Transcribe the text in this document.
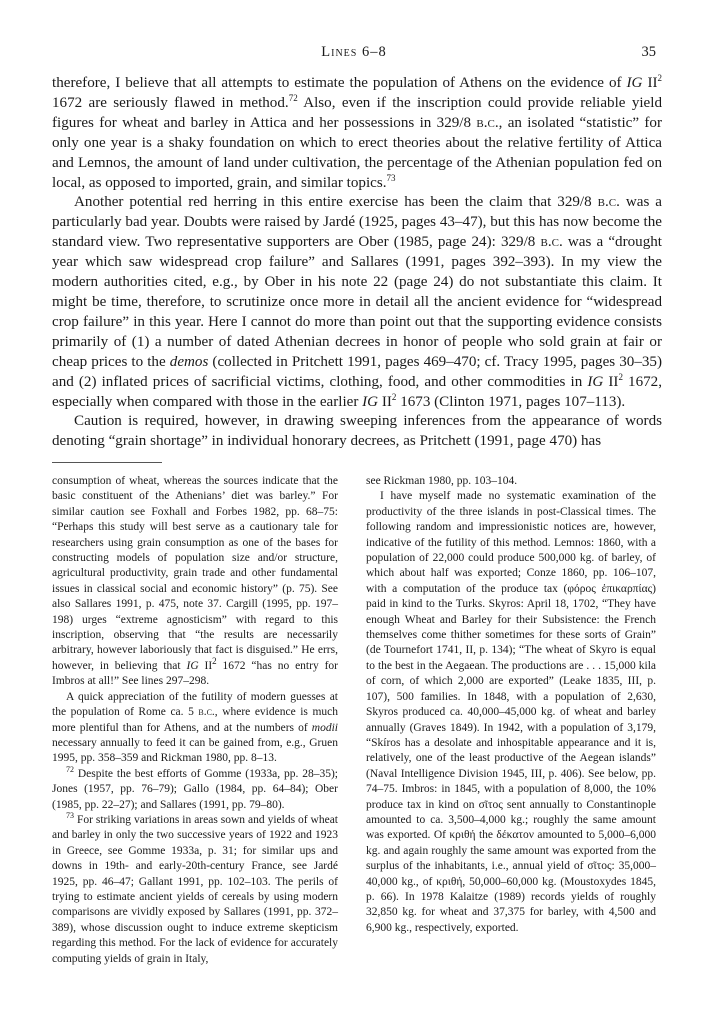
Lines 6–8	35

therefore, I believe that all attempts to estimate the population of Athens on the evidence of IG $II^2$ 1672 are seriously flawed in method.$^{72}$ Also, even if the inscription could provide reliable yield figures for wheat and barley in Attica and her possessions in 329/8 b.c., an isolated “statistic” for only one year is a shaky foundation on which to erect theories about the relative fertility of Attica and Lemnos, the amount of land under cultivation, the percentage of the Athenian population fed on local, as opposed to imported, grain, and similar topics.$^{73}$

Another potential red herring in this entire exercise has been the claim that 329/8 b.c. was a particularly bad year. Doubts were raised by Jardé (1925, pages 43–47), but this has now become the standard view. Two representative supporters are Ober (1985, page 24): 329/8 b.c. was a “drought year which saw widespread crop failure” and Sallares (1991, pages 392–393). In my view the modern authorities cited, e.g., by Ober in his note 22 (page 24) do not substantiate this claim. It might be time, therefore, to scrutinize once more in detail all the ancient evidence for “widespread crop failure” in this year. Here I cannot do more than point out that the supporting evidence consists primarily of (1) a number of dated Athenian decrees in honor of people who sold grain at fair or cheap prices to the demos (collected in Pritchett 1991, pages 469–470; cf. Tracy 1995, pages 30–35) and (2) inflated prices of sacrificial victims, clothing, food, and other commodities in IG $II^2$ 1672, especially when compared with those in the earlier IG $II^2$ 1673 (Clinton 1971, pages 107–113).

Caution is required, however, in drawing sweeping inferences from the appearance of words denoting “grain shortage” in individual honorary decrees, as Pritchett (1991, page 470) has

consumption of wheat, whereas the sources indicate that the basic constituent of the Athenians’ diet was barley.” For similar caution see Foxhall and Forbes 1982, pp. 68–75: “Perhaps this study will best serve as a cautionary tale for researchers using grain consumption as one of the bases for constructing models of population size and/or structure, agricultural productivity, grain trade and other fundamental issues in classical social and economic history” (p. 75). See also Sallares 1991, p. 475, note 37. Cargill (1995, pp. 197–198) urges “extreme agnosticism” with regard to this inscription, observing that “the results are necessarily arbitrary, however laboriously that fact is disguised.” He errs, however, in believing that IG $II^2$ 1672 “has no entry for Imbros at all!” See lines 297–298.

A quick appreciation of the futility of modern guesses at the population of Rome ca. 5 b.c., where evidence is much more plentiful than for Athens, and at the numbers of modii necessary annually to feed it can be gained from, e.g., Gruen 1995, pp. 358–359 and Rickman 1980, pp. 8–13.

$^{72}$ Despite the best efforts of Gomme (1933a, pp. 28–35); Jones (1957, pp. 76–79); Gallo (1984, pp. 64–84); Ober (1985, pp. 22–27); and Sallares (1991, pp. 79–80).

$^{73}$ For striking variations in areas sown and yields of wheat and barley in only the two successive years of 1922 and 1923 in Greece, see Gomme 1933a, p. 31; for similar ups and downs in 19th- and early-20th-century France, see Jardé 1925, pp. 46–47; Gallant 1991, pp. 102–103. The perils of trying to estimate ancient yields of cereals by using modern comparisons are vividly exposed by Sallares (1991, pp. 372–389), whose discussion ought to induce extreme skepticism regarding this method. For the lack of evidence for accurately computing yields of grain in Italy,

see Rickman 1980, pp. 103–104.

I have myself made no systematic examination of the productivity of the three islands in post-Classical times. The following random and impressionistic notices are, however, indicative of the futility of this method. Lemnos: 1860, with a population of 22,000 could produce 500,000 kg. of barley, of which about half was exported; Conze 1860, pp. 106–107, with a computation of the produce tax (φόρος ἐπικαρπίας) paid in kind to the Turks. Skyros: April 18, 1702, “They have enough Wheat and Barley for their Subsistence: the French themselves come thither sometimes for these sorts of Grain” (de Tournefort 1741, II, p. 134); “The wheat of Skyro is equal to the best in the Aegaean. The productions are . . . 15,000 kila of corn, of which 2,000 are exported” (Leake 1835, III, p. 107), 500 families. In 1848, with a population of 2,630, Skyros produced ca. 40,000–45,000 kg. of wheat and barley annually (Graves 1849). In 1942, with a population of 3,179, “Skíros has a desolate and inhospitable appearance and it is, relatively, one of the least productive of the Aegean islands” (Naval Intelligence Division 1945, III, p. 406). See below, pp. 74–75. Imbros: in 1845, with a population of 8,000, the 10% produce tax in kind on σῖτος sent annually to Constantinople amounted to ca. 3,500–4,000 kg.; roughly the same amount was exported. Of κριθή the δέκατον amounted to 5,000–6,000 kg. and again roughly the same amount was exported from the surplus of the inhabitants, i.e., annual yield of σῖτος: 35,000–40,000 kg., of κριθή, 50,000–60,000 kg. (Moustoxydes 1845, p. 66). In 1978 Kalaitze (1989) records yields of roughly 32,850 kg. for wheat and 37,375 for barley, with 4,500 and 6,900 kg., respectively, exported.
